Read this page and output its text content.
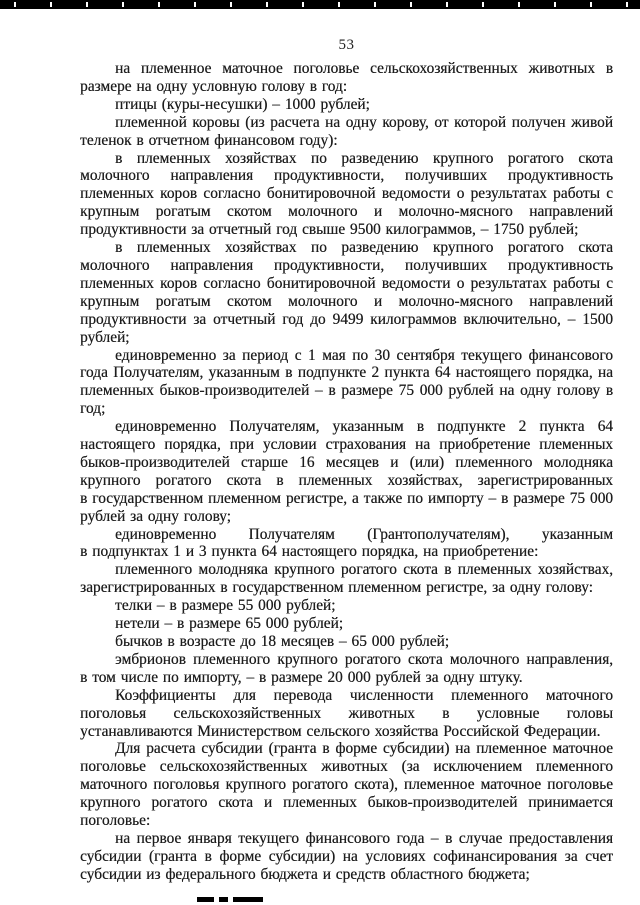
53

на племенное маточное поголовье сельскохозяйственных животных в размере на одну условную голову в год:

птицы (куры-несушки) – 1000 рублей;

племенной коровы (из расчета на одну корову, от которой получен живой теленок в отчетном финансовом году):

в племенных хозяйствах по разведению крупного рогатого скота молочного направления продуктивности, получивших продуктивность племенных коров согласно бонитировочной ведомости о результатах работы с крупным рогатым скотом молочного и молочно-мясного направлений продуктивности за отчетный год свыше 9500 килограммов, – 1750 рублей;

в племенных хозяйствах по разведению крупного рогатого скота молочного направления продуктивности, получивших продуктивность племенных коров согласно бонитировочной ведомости о результатах работы с крупным рогатым скотом молочного и молочно-мясного направлений продуктивности за отчетный год до 9499 килограммов включительно, – 1500 рублей;

единовременно за период с 1 мая по 30 сентября текущего финансового года Получателям, указанным в подпункте 2 пункта 64 настоящего порядка, на племенных быков-производителей – в размере 75 000 рублей на одну голову в год;

единовременно Получателям, указанным в подпункте 2 пункта 64 настоящего порядка, при условии страхования на приобретение племенных быков-производителей старше 16 месяцев и (или) племенного молодняка крупного рогатого скота в племенных хозяйствах, зарегистрированных в государственном племенном регистре, а также по импорту – в размере 75 000 рублей за одну голову;

единовременно Получателям (Грантополучателям), указанным в подпунктах 1 и 3 пункта 64 настоящего порядка, на приобретение:

племенного молодняка крупного рогатого скота в племенных хозяйствах, зарегистрированных в государственном племенном регистре, за одну голову:

телки – в размере 55 000 рублей;

нетели – в размере 65 000 рублей;

бычков в возрасте до 18 месяцев – 65 000 рублей;

эмбрионов племенного крупного рогатого скота молочного направления, в том числе по импорту, – в размере 20 000 рублей за одну штуку.

Коэффициенты для перевода численности племенного маточного поголовья сельскохозяйственных животных в условные головы устанавливаются Министерством сельского хозяйства Российской Федерации.

Для расчета субсидии (гранта в форме субсидии) на племенное маточное поголовье сельскохозяйственных животных (за исключением племенного маточного поголовья крупного рогатого скота), племенное маточное поголовье крупного рогатого скота и племенных быков-производителей принимается поголовье:

на первое января текущего финансового года – в случае предоставления субсидии (гранта в форме субсидии) на условиях софинансирования за счет субсидии из федерального бюджета и средств областного бюджета;
